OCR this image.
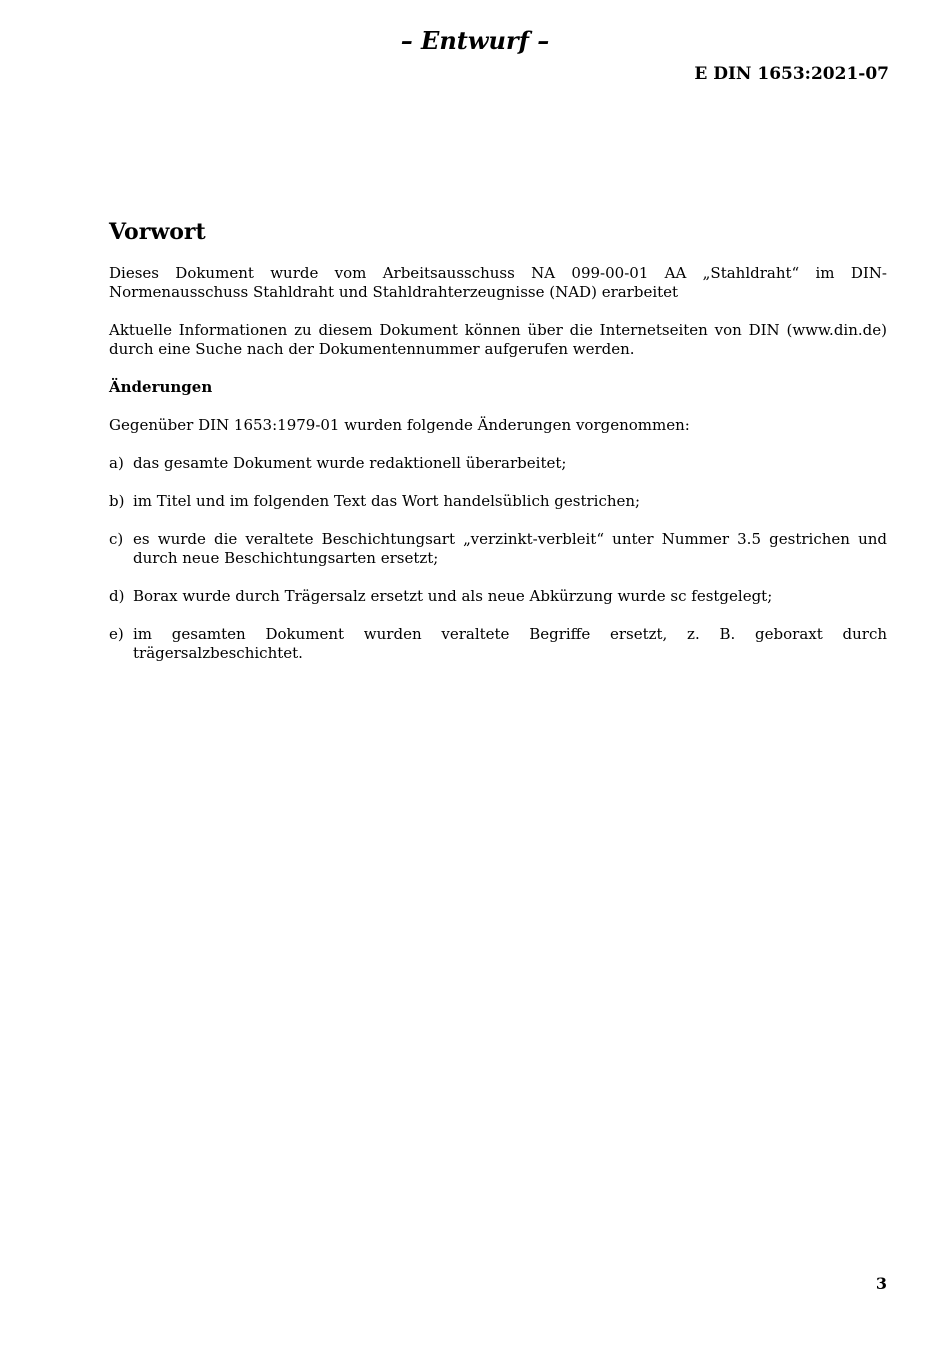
– Entwurf –
E DIN 1653:2021-07
Vorwort
Dieses Dokument wurde vom Arbeitsausschuss NA 099-00-01 AA „Stahldraht“ im DIN-Normenausschuss Stahldraht und Stahldrahterzeugnisse (NAD) erarbeitet
Aktuelle Informationen zu diesem Dokument können über die Internetseiten von DIN (www.din.de) durch eine Suche nach der Dokumentennummer aufgerufen werden.
Änderungen
Gegenüber DIN 1653:1979-01 wurden folgende Änderungen vorgenommen:
a) das gesamte Dokument wurde redaktionell überarbeitet;
b) im Titel und im folgenden Text das Wort handelsüblich gestrichen;
c) es wurde die veraltete Beschichtungsart „verzinkt-verbleit“ unter Nummer 3.5 gestrichen und durch neue Beschichtungsarten ersetzt;
d) Borax wurde durch Trägersalz ersetzt und als neue Abkürzung wurde sc festgelegt;
e) im gesamten Dokument wurden veraltete Begriffe ersetzt, z. B. geboraxt durch trägersalzbeschichtet.
3
